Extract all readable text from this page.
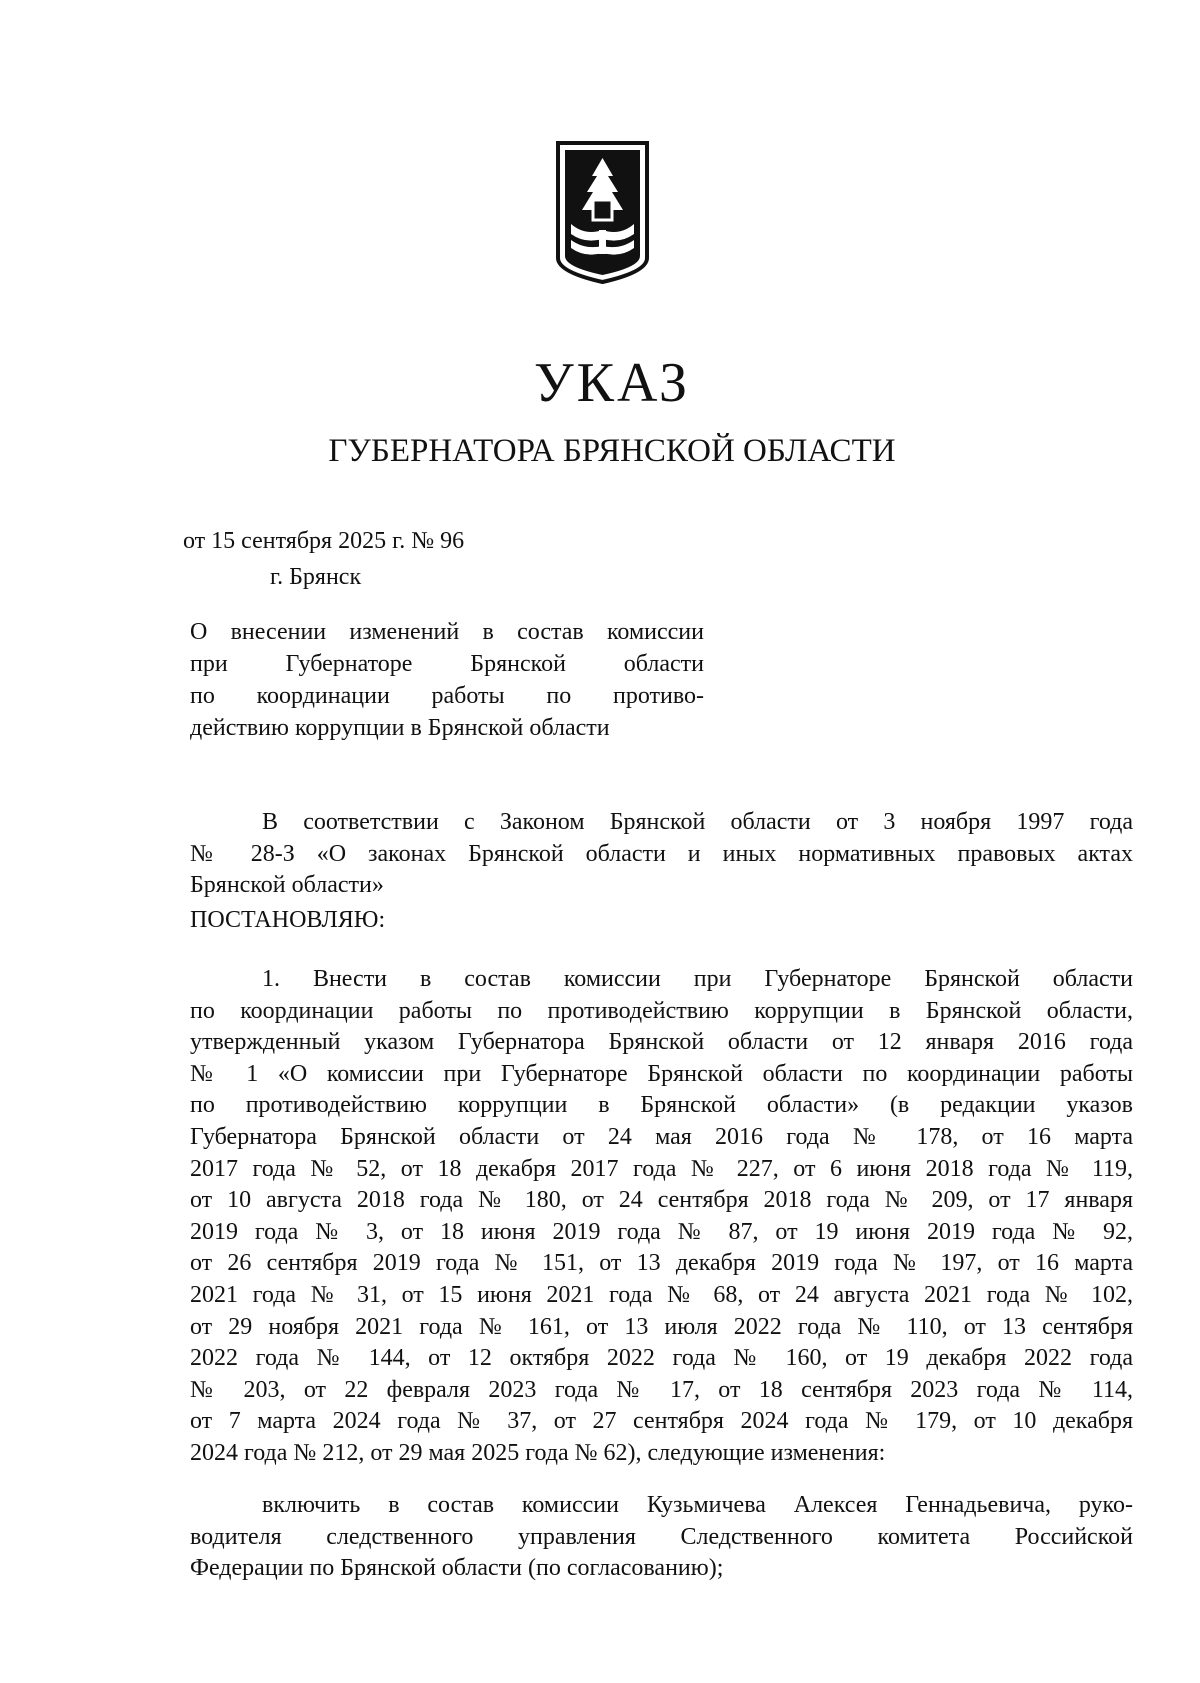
УКАЗ
ГУБЕРНАТОРА БРЯНСКОЙ ОБЛАСТИ
от 15 сентября 2025 г. № 96
г. Брянск
О внесении изменений в состав комиссии
при Губернаторе Брянской области
по координации работы по противо-
действию коррупции в Брянской области
В соответствии с Законом Брянской области от 3 ноября 1997 года
№ 28-З «О законах Брянской области и иных нормативных правовых актах
Брянской области»
ПОСТАНОВЛЯЮ:
1. Внести в состав комиссии при Губернаторе Брянской области
по координации работы по противодействию коррупции в Брянской области,
утвержденный указом Губернатора Брянской области от 12 января 2016 года
№ 1 «О комиссии при Губернаторе Брянской области по координации работы
по противодействию коррупции в Брянской области» (в редакции указов
Губернатора Брянской области от 24 мая 2016 года № 178, от 16 марта
2017 года № 52, от 18 декабря 2017 года № 227, от 6 июня 2018 года № 119,
от 10 августа 2018 года № 180, от 24 сентября 2018 года № 209, от 17 января
2019 года № 3, от 18 июня 2019 года № 87, от 19 июня 2019 года № 92,
от 26 сентября 2019 года № 151, от 13 декабря 2019 года № 197, от 16 марта
2021 года № 31, от 15 июня 2021 года № 68, от 24 августа 2021 года № 102,
от 29 ноября 2021 года № 161, от 13 июля 2022 года № 110, от 13 сентября
2022 года № 144, от 12 октября 2022 года № 160, от 19 декабря 2022 года
№ 203, от 22 февраля 2023 года № 17, от 18 сентября 2023 года № 114,
от 7 марта 2024 года № 37, от 27 сентября 2024 года № 179, от 10 декабря
2024 года № 212, от 29 мая 2025 года № 62), следующие изменения:
включить в состав комиссии Кузьмичева Алексея Геннадьевича, руко-
водителя следственного управления Следственного комитета Российской
Федерации по Брянской области (по согласованию);
